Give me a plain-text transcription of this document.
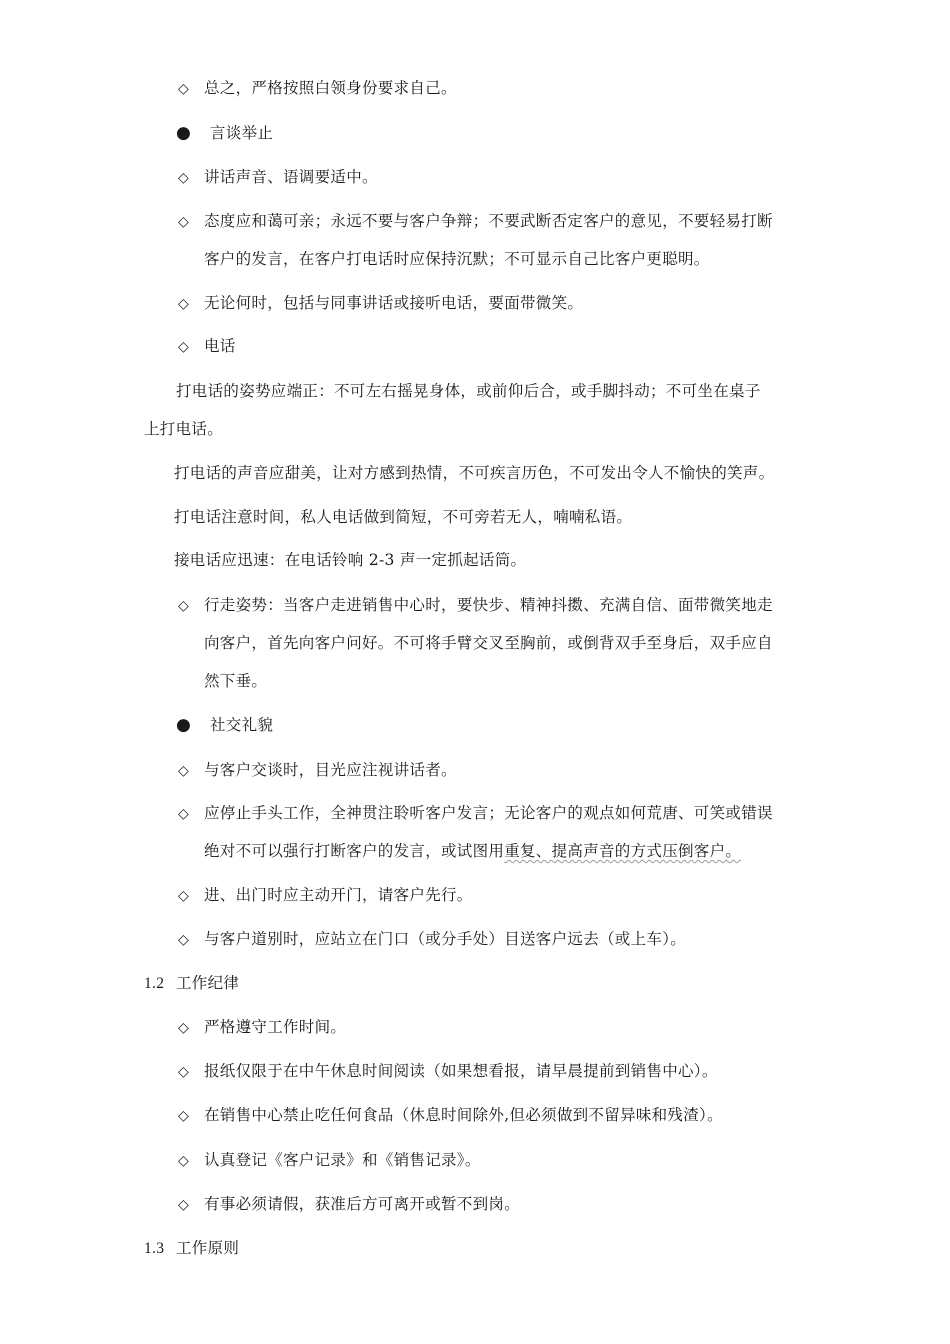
◇ 总之，严格按照白领身份要求自己。
● 言谈举止
◇ 讲话声音、语调要适中。
◇ 态度应和蔼可亲；永远不要与客户争辩；不要武断否定客户的意见，不要轻易打断
客户的发言，在客户打电话时应保持沉默；不可显示自己比客户更聪明。
◇ 无论何时，包括与同事讲话或接听电话，要面带微笑。
◇ 电话
打电话的姿势应端正：不可左右摇晃身体，或前仰后合，或手脚抖动；不可坐在桌子
上打电话。
打电话的声音应甜美，让对方感到热情，不可疾言历色，不可发出令人不愉快的笑声。
打电话注意时间，私人电话做到简短，不可旁若无人，喃喃私语。
接电话应迅速：在电话铃响 2-3 声一定抓起话筒。
◇ 行走姿势：当客户走进销售中心时，要快步、精神抖擞、充满自信、面带微笑地走
向客户，首先向客户问好。不可将手臂交叉至胸前，或倒背双手至身后，双手应自
然下垂。
● 社交礼貌
◇ 与客户交谈时，目光应注视讲话者。
◇ 应停止手头工作，全神贯注聆听客户发言；无论客户的观点如何荒唐、可笑或错误
绝对不可以强行打断客户的发言，或试图用重复、提高声音的方式压倒客户。
◇ 进、出门时应主动开门，请客户先行。
◇ 与客户道别时，应站立在门口（或分手处）目送客户远去（或上车）。
1.2 工作纪律
◇ 严格遵守工作时间。
◇ 报纸仅限于在中午休息时间阅读（如果想看报，请早晨提前到销售中心）。
◇ 在销售中心禁止吃任何食品（休息时间除外,但必须做到不留异味和残渣）。
◇ 认真登记《客户记录》和《销售记录》。
◇ 有事必须请假，获准后方可离开或暂不到岗。
1.3 工作原则
